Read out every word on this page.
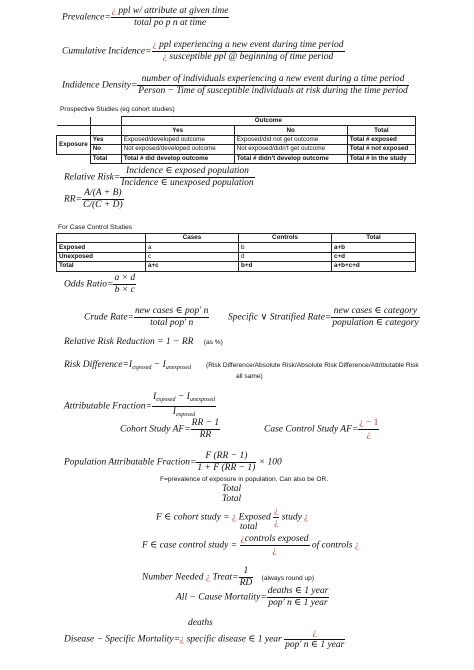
Prevalence= $\frac{\text{¿ ppl w/ attribute at given time}}{\text{total po p n at time}}$
Cumulative Incidence= $\frac{\text{¿ ppl experiencing a new event during time period}}{\text{¿ susceptible ppl @ beginning of time period}}$
Indidence Density=
number of individuals experiencing a new event during a time period
Person − Time of susceptible individuals at risk during the time period
Prospective Studies (eg cohort studies)
		Outcome		
		Yes	No	Total
Exposure	Yes	Exposed/developed outcome	Exposed/did not get outcome	Total # exposed
	No	Not exposed/developed outcome	Not exposed/didn't get outcome	Total # not exposed
	Total	Total # did develop outcome	Total # didn't develop outcome	Total # in the study
Relative Risk= $\frac{\text{Incidence ∈ exposed population}}{\text{Incidence ∈ unexposed population}}$
$RR= \frac{A/(A + B)}{C/(C + D)}$
For Case Control Studies
	Cases	Controls	Total
Exposed	a	b	a+b
Unexposed	c	d	c+d
Total	a+c	b+d	a+b+c+d
Odds Ratio= $\frac{a \times d}{b \times c}$
Crude Rate= $\frac{\text{new cases ∈ pop' n}}{\text{total pop' n}}$ Specific ∨ Stratified Rate= $\frac{\text{new cases ∈ category}}{\text{population ∈ category}}$
Relative Risk Reduction = 1 − RR (as %)
Risk $Difference=I_{exposed} - I_{unexposed}$ (Risk Difference/Absolute Risk/Absolute Risk Difference/Attributable Risk
all same)
Attributable Fraction= $\frac{I_{exposed} - I_{unexposed}}{I_{exposed}}$
Cohort Study $AF= \frac{RR - 1}{RR}$	Case Control Study $AF= \frac{¿ - 1}{¿}$
Population Attributable Fraction= $\frac{F (RR - 1)}{1 + F (RR - 1)} \times 100$
F=prevalence of exposure in population. Can also be OR.
Total
Total
F ∈ cohort study = ¿ Exposed $\frac{¿}{¿}$ study ¿
total
F ∈ case control study = $\frac{\text{¿controls exposed}}{¿}$ of controls ¿
Number Needed ¿ Treat= $\frac{1}{RD}$ (always round up)
All − Cause Mortality= $\frac{\text{deaths ∈ 1 year}}{\text{pop' n ∈ 1 year}}$
deaths
Disease − Specific Mortality=¿ specific disease ∈ 1 year $\frac{¿}{\text{pop' n ∈ 1 year}}$
